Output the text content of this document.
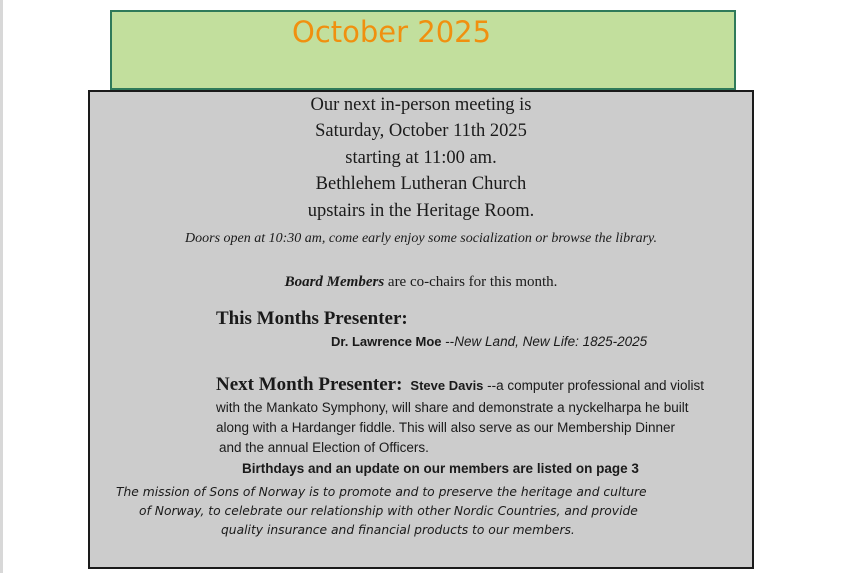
October 2025

Our next in-person meeting is

Saturday, October 11th 2025

starting at 11:00 am.

Bethlehem Lutheran Church

upstairs in the Heritage Room.

Doors open at 10:30 am, come early enjoy some socialization or browse the library.

Board Members are co-chairs for this month.

This Months Presenter:

Dr. Lawrence Moe --New Land, New Life: 1825-2025

Next Month Presenter: Steve Davis --a computer professional and violist

with the Mankato Symphony, will share and demonstrate a nyckelharpa he built

along with a Hardanger fiddle. This will also serve as our Membership Dinner

and the annual Election of Officers.

Birthdays and an update on our members are listed on page 3

The mission of Sons of Norway is to promote and to preserve the heritage and culture

of Norway, to celebrate our relationship with other Nordic Countries, and provide

quality insurance and financial products to our members.
